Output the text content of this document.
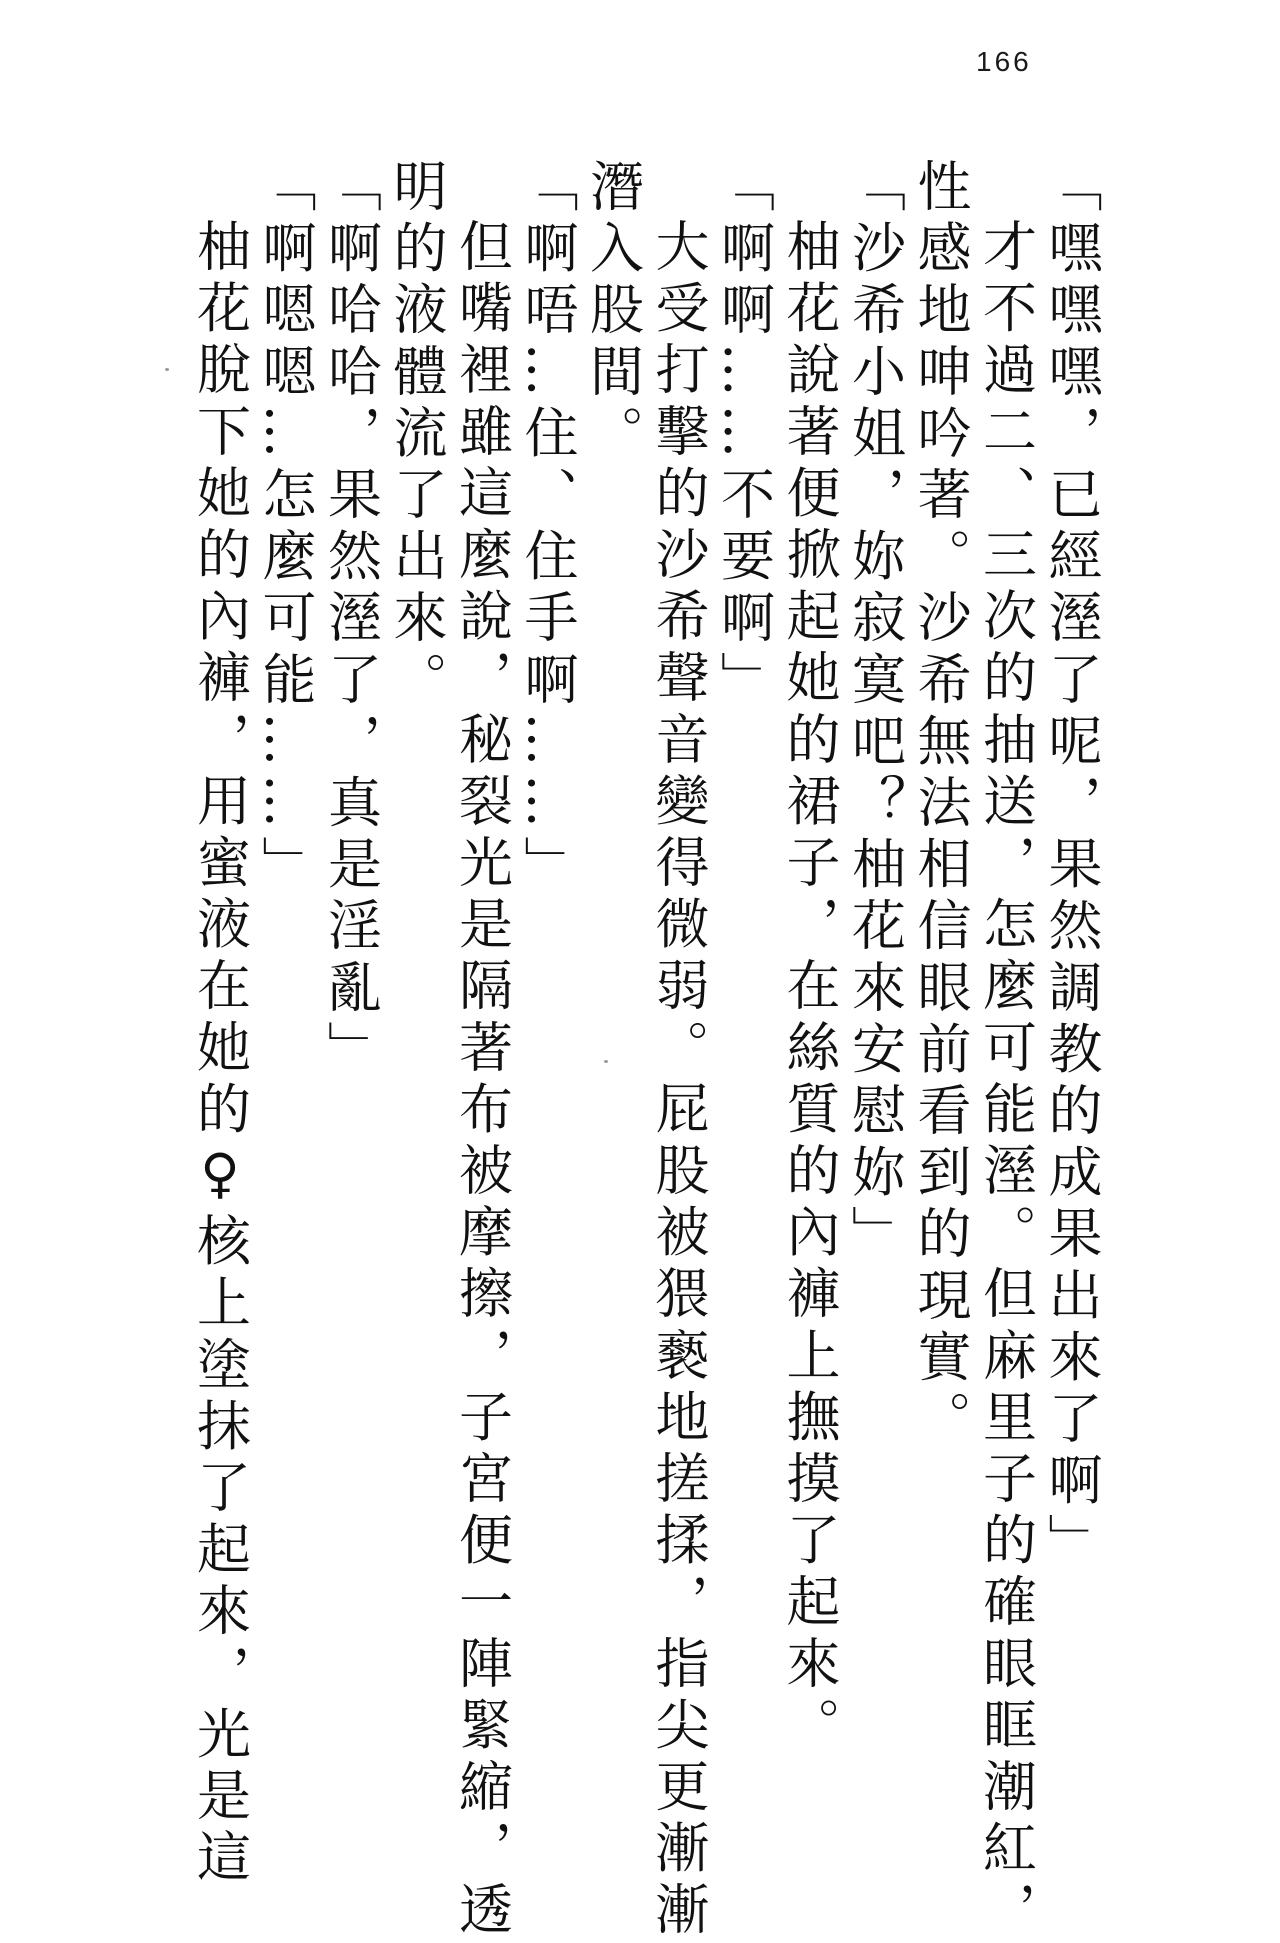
166
「嘿嘿嘿，已經溼了呢，果然調教的成果出來了啊」
才不過二、三次的抽送，怎麼可能溼。但麻里子的確眼眶潮紅，
性感地呻吟著。沙希無法相信眼前看到的現實。
「沙希小姐，妳寂寞吧？柚花來安慰妳」
柚花說著便掀起她的裙子，在絲質的內褲上撫摸了起來。
「啊啊……不要啊」
大受打擊的沙希聲音變得微弱。屁股被猥褻地搓揉，指尖更漸漸
潛入股間。
「啊唔…住、住手啊……」
但嘴裡雖這麼說，秘裂光是隔著布被摩擦，子宮便一陣緊縮，透
明的液體流了出來。
「啊哈哈，果然溼了，真是淫亂」
「啊嗯嗯…怎麼可能……」
柚花脫下她的內褲，用蜜液在她的♀核上塗抹了起來，光是這
